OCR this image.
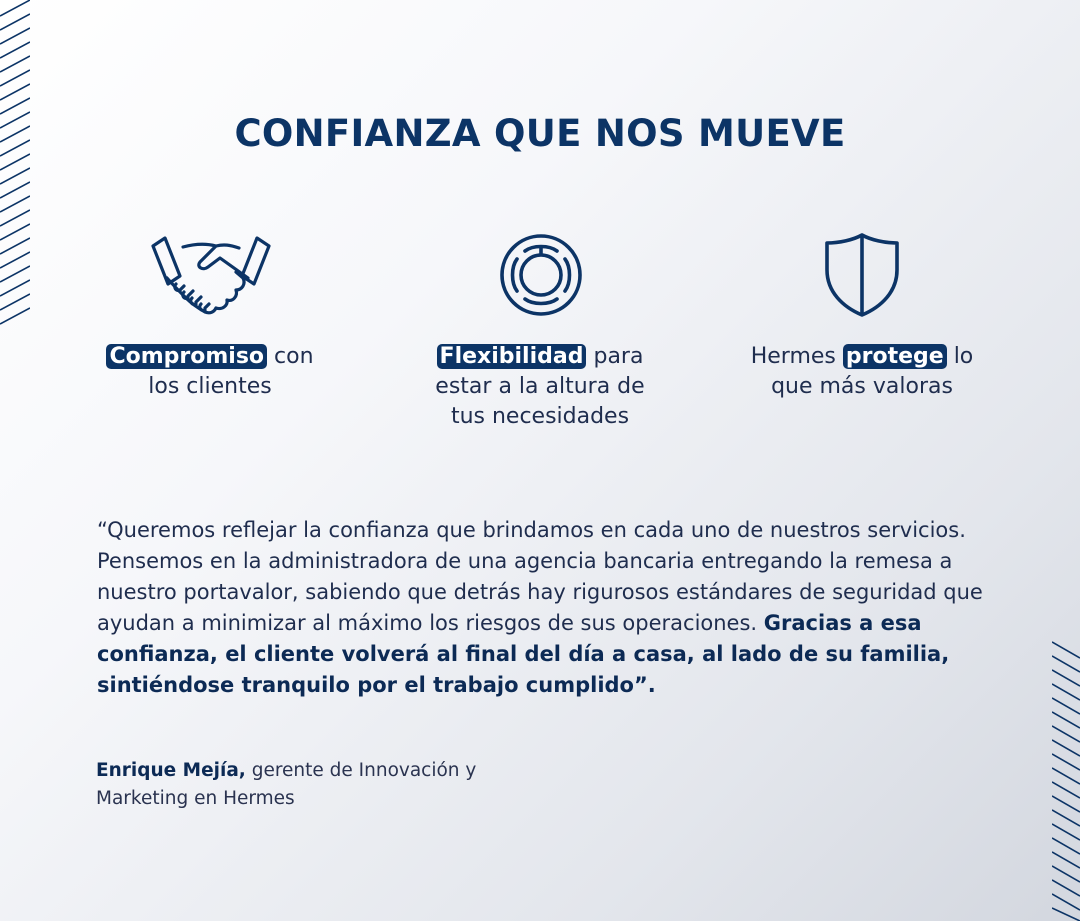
CONFIANZA QUE NOS MUEVE
Compromiso con
los clientes
Flexibilidad para
estar a la altura de
tus necesidades
Hermes protege lo
que más valoras

“Queremos reflejar la confianza que brindamos en cada uno de nuestros servicios. Pensemos en la administradora de una agencia bancaria entregando la remesa a nuestro portavalor, sabiendo que detrás hay rigurosos estándares de seguridad que ayudan a minimizar al máximo los riesgos de sus operaciones. Gracias a esa confianza, el cliente volverá al final del día a casa, al lado de su familia, sintiéndose tranquilo por el trabajo cumplido”.

Enrique Mejía, gerente de Innovación y
Marketing en Hermes
